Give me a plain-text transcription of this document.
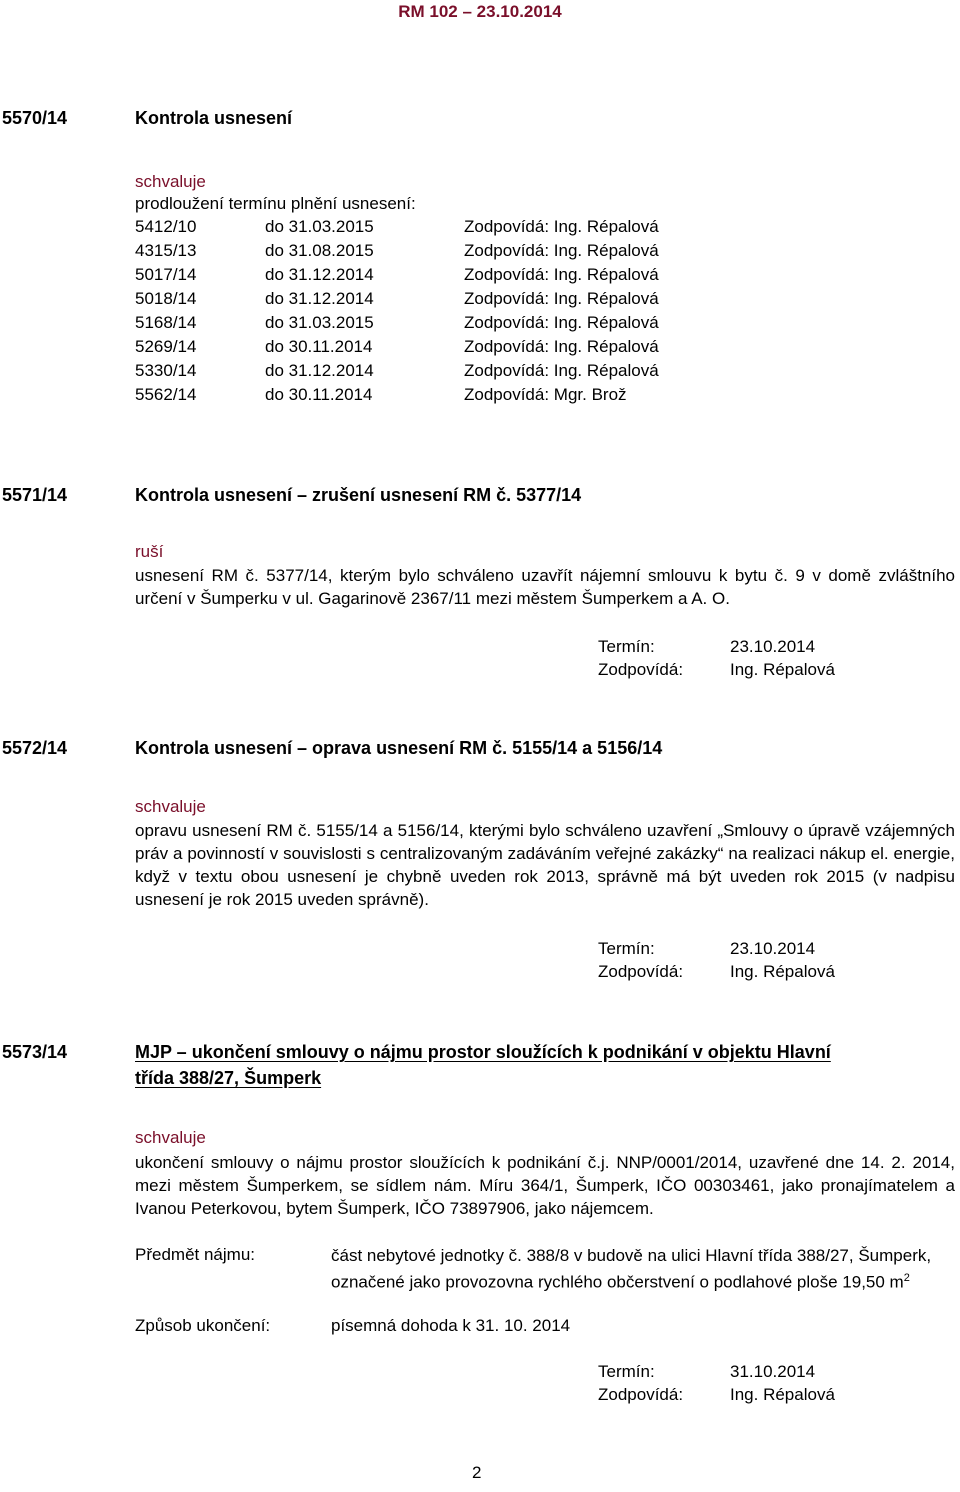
RM 102 – 23.10.2014
5570/14	Kontrola usnesení
schvaluje
prodloužení termínu plnění usnesení:
5412/10	do 31.03.2015	Zodpovídá: Ing. Répalová
4315/13	do 31.08.2015	Zodpovídá: Ing. Répalová
5017/14	do 31.12.2014	Zodpovídá: Ing. Répalová
5018/14	do 31.12.2014	Zodpovídá: Ing. Répalová
5168/14	do 31.03.2015	Zodpovídá: Ing. Répalová
5269/14	do 30.11.2014	Zodpovídá: Ing. Répalová
5330/14	do 31.12.2014	Zodpovídá: Ing. Répalová
5562/14	do 30.11.2014	Zodpovídá: Mgr. Brož
5571/14	Kontrola usnesení – zrušení usnesení RM č. 5377/14
ruší
usnesení RM č. 5377/14, kterým bylo schváleno uzavřít nájemní smlouvu k bytu č. 9 v domě zvláštního určení v Šumperku v ul. Gagarinově 2367/11 mezi městem Šumperkem a A. O.
Termín:	23.10.2014
Zodpovídá:	Ing. Répalová
5572/14	Kontrola usnesení – oprava usnesení RM č. 5155/14 a 5156/14
schvaluje
opravu usnesení RM č. 5155/14 a 5156/14, kterými bylo schváleno uzavření „Smlouvy o úpravě vzájemných práv a povinností v souvislosti s centralizovaným zadáváním veřejné zakázky“ na realizaci nákup el. energie, když v textu obou usnesení je chybně uveden rok 2013, správně má být uveden rok 2015 (v nadpisu usnesení je rok 2015 uveden správně).
Termín:	23.10.2014
Zodpovídá:	Ing. Répalová
5573/14	MJP – ukončení smlouvy o nájmu prostor sloužících k podnikání v objektu Hlavní
třída 388/27, Šumperk
schvaluje
ukončení smlouvy o nájmu prostor sloužících k podnikání č.j. NNP/0001/2014, uzavřené dne 14. 2. 2014, mezi městem Šumperkem, se sídlem nám. Míru 364/1, Šumperk, IČO 00303461, jako pronajímatelem a Ivanou Peterkovou, bytem Šumperk, IČO 73897906, jako nájemcem.
Předmět nájmu:	část nebytové jednotky č. 388/8 v budově na ulici Hlavní třída 388/27, Šumperk, označené jako provozovna rychlého občerstvení o podlahové ploše 19,50 $m^2$
Způsob ukončení:	písemná dohoda k 31. 10. 2014
Termín:	31.10.2014
Zodpovídá:	Ing. Répalová
2
